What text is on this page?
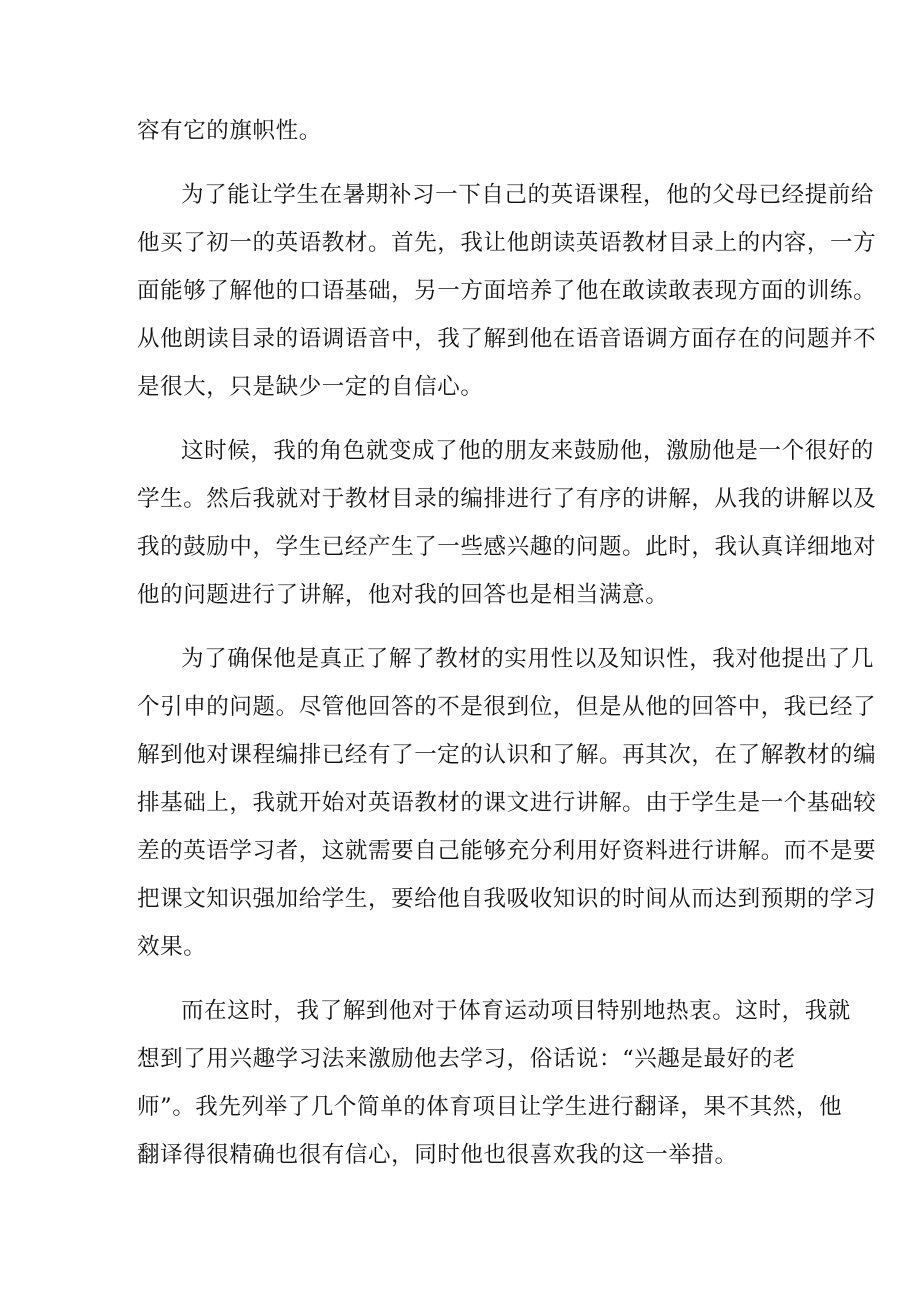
容有它的旗帜性。
为了能让学生在暑期补习一下自己的英语课程，他的父母已经提前给
他买了初一的英语教材。首先，我让他朗读英语教材目录上的内容，一方
面能够了解他的口语基础，另一方面培养了他在敢读敢表现方面的训练。
从他朗读目录的语调语音中，我了解到他在语音语调方面存在的问题并不
是很大，只是缺少一定的自信心。
这时候，我的角色就变成了他的朋友来鼓励他，激励他是一个很好的
学生。然后我就对于教材目录的编排进行了有序的讲解，从我的讲解以及
我的鼓励中，学生已经产生了一些感兴趣的问题。此时，我认真详细地对
他的问题进行了讲解，他对我的回答也是相当满意。
为了确保他是真正了解了教材的实用性以及知识性，我对他提出了几
个引申的问题。尽管他回答的不是很到位，但是从他的回答中，我已经了
解到他对课程编排已经有了一定的认识和了解。再其次，在了解教材的编
排基础上，我就开始对英语教材的课文进行讲解。由于学生是一个基础较
差的英语学习者，这就需要自己能够充分利用好资料进行讲解。而不是要
把课文知识强加给学生，要给他自我吸收知识的时间从而达到预期的学习
效果。
而在这时，我了解到他对于体育运动项目特别地热衷。这时，我就
想到了用兴趣学习法来激励他去学习，俗话说：“兴趣是最好的老
师”。我先列举了几个简单的体育项目让学生进行翻译，果不其然，他
翻译得很精确也很有信心，同时他也很喜欢我的这一举措。
